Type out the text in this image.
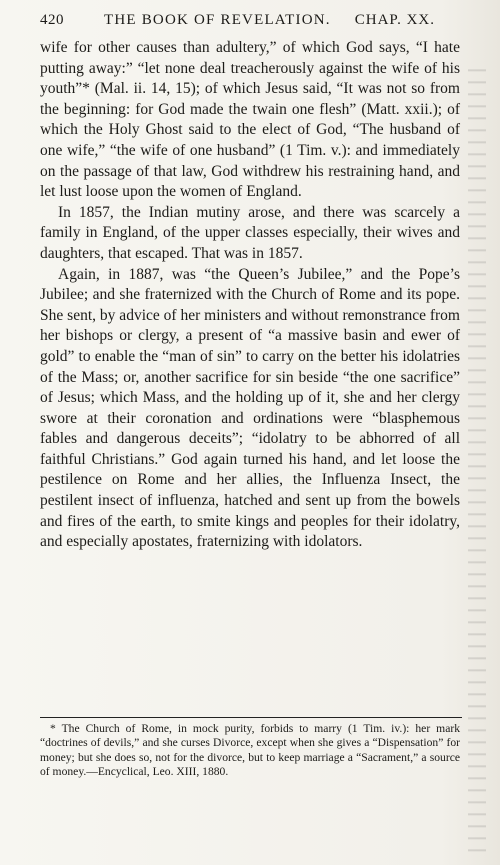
420	THE BOOK OF REVELATION. CHAP. XX.

wife for other causes than adultery,” of which God says, “I hate putting away:” “let none deal treacherously against the wife of his youth”* (Mal. ii. 14, 15); of which Jesus said, “It was not so from the beginning: for God made the twain one flesh” (Matt. xxii.); of which the Holy Ghost said to the elect of God, “The husband of one wife,” “the wife of one husband” (1 Tim. v.): and immediately on the passage of that law, God withdrew his restraining hand, and let lust loose upon the women of England.

In 1857, the Indian mutiny arose, and there was scarcely a family in England, of the upper classes especially, their wives and daughters, that escaped. That was in 1857.

Again, in 1887, was “the Queen’s Jubilee,” and the Pope’s Jubilee; and she fraternized with the Church of Rome and its pope. She sent, by advice of her ministers and without remonstrance from her bishops or clergy, a present of “a massive basin and ewer of gold” to enable the “man of sin” to carry on the better his idolatries of the Mass; or, another sacrifice for sin beside “the one sacrifice” of Jesus; which Mass, and the holding up of it, she and her clergy swore at their coronation and ordinations were “blasphemous fables and dangerous deceits”; “idolatry to be abhorred of all faithful Christians.” God again turned his hand, and let loose the pestilence on Rome and her allies, the Influenza Insect, the pestilent insect of influenza, hatched and sent up from the bowels and fires of the earth, to smite kings and peoples for their idolatry, and especially apostates, fraternizing with idolators.

* The Church of Rome, in mock purity, forbids to marry (1 Tim. iv.): her mark “doctrines of devils,” and she curses Divorce, except when she gives a “Dispensation” for money; but she does so, not for the divorce, but to keep marriage a “Sacrament,” a source of money.—Encyclical, Leo. XIII, 1880.
